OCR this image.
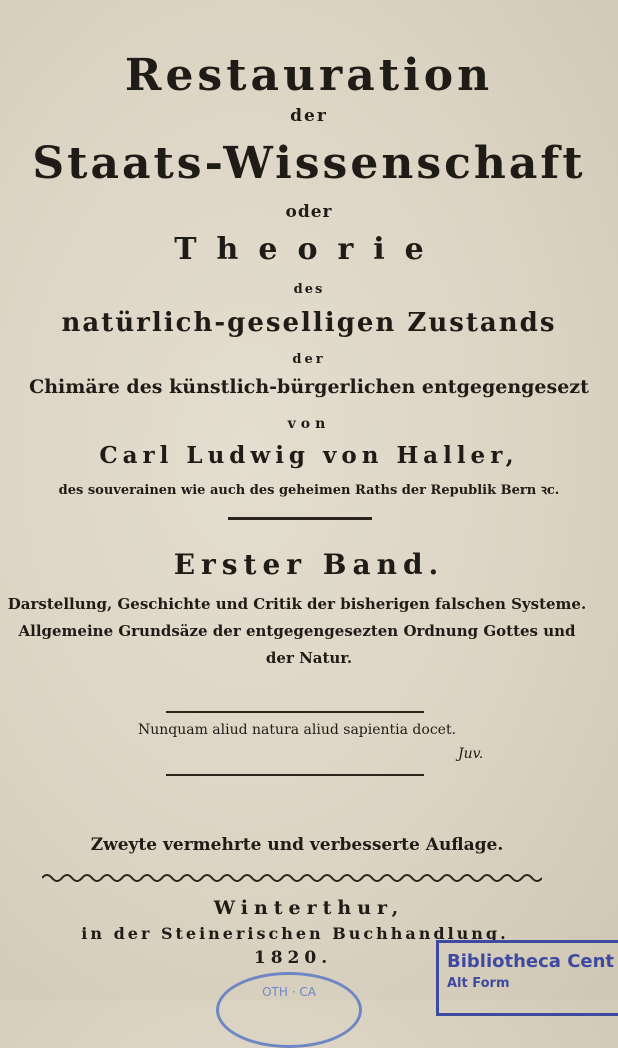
Restauration
der
Staats-Wissenschaft
oder
Theorie
des
natürlich-geselligen Zustands
der
Chimäre des künstlich-bürgerlichen entgegengesezt
von
Carl Ludwig von Haller,
des souverainen wie auch des geheimen Raths der Republik Bern ꝛc.
Erster Band.
Darstellung, Geschichte und Critik der bisherigen falschen Systeme.
Allgemeine Grundsäze der entgegengesezten Ordnung Gottes und
der Natur.
Nunquam aliud natura aliud sapientia docet.
Juv.
Zweyte vermehrte und verbesserte Auflage.
Winterthur,
in der Steinerischen Buchhandlung.
1820.	Bibliotheca Cent
Alt Form
OTH · CA
